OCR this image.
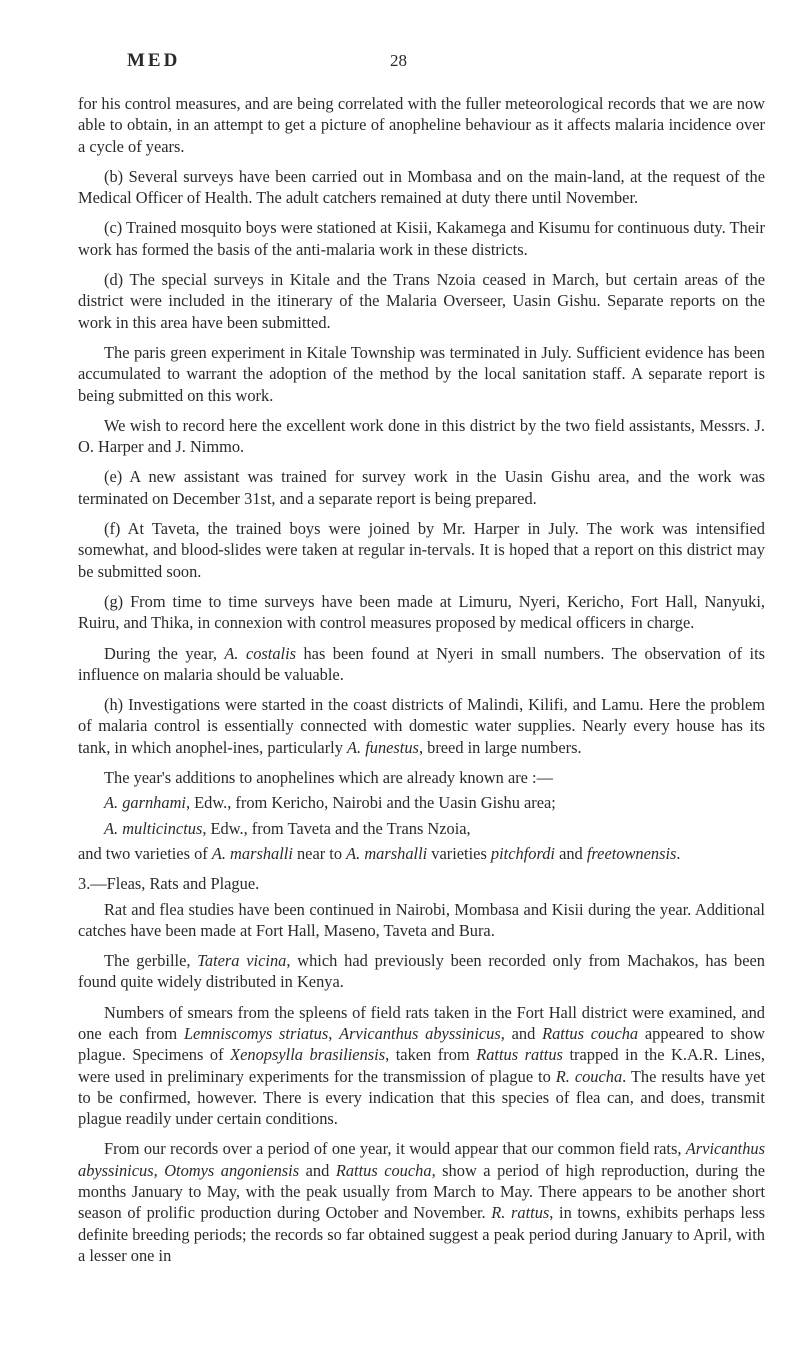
MED	28

for his control measures, and are being correlated with the fuller meteorological records that we are now able to obtain, in an attempt to get a picture of anopheline behaviour as it affects malaria incidence over a cycle of years.

(b) Several surveys have been carried out in Mombasa and on the main-land, at the request of the Medical Officer of Health. The adult catchers remained at duty there until November.

(c) Trained mosquito boys were stationed at Kisii, Kakamega and Kisumu for continuous duty. Their work has formed the basis of the anti-malaria work in these districts.

(d) The special surveys in Kitale and the Trans Nzoia ceased in March, but certain areas of the district were included in the itinerary of the Malaria Overseer, Uasin Gishu. Separate reports on the work in this area have been submitted.

The paris green experiment in Kitale Township was terminated in July. Sufficient evidence has been accumulated to warrant the adoption of the method by the local sanitation staff. A separate report is being submitted on this work.

We wish to record here the excellent work done in this district by the two field assistants, Messrs. J. O. Harper and J. Nimmo.

(e) A new assistant was trained for survey work in the Uasin Gishu area, and the work was terminated on December 31st, and a separate report is being prepared.

(f) At Taveta, the trained boys were joined by Mr. Harper in July. The work was intensified somewhat, and blood-slides were taken at regular in-tervals. It is hoped that a report on this district may be submitted soon.

(g) From time to time surveys have been made at Limuru, Nyeri, Kericho, Fort Hall, Nanyuki, Ruiru, and Thika, in connexion with control measures proposed by medical officers in charge.

During the year, A. costalis has been found at Nyeri in small numbers. The observation of its influence on malaria should be valuable.

(h) Investigations were started in the coast districts of Malindi, Kilifi, and Lamu. Here the problem of malaria control is essentially connected with domestic water supplies. Nearly every house has its tank, in which anophel-ines, particularly A. funestus, breed in large numbers.

The year's additions to anophelines which are already known are :—

A. garnhami, Edw., from Kericho, Nairobi and the Uasin Gishu area;

A. multicinctus, Edw., from Taveta and the Trans Nzoia,

and two varieties of A. marshalli near to A. marshalli varieties pitchfordi and freetownensis.

3.—Fleas, Rats and Plague.

Rat and flea studies have been continued in Nairobi, Mombasa and Kisii during the year. Additional catches have been made at Fort Hall, Maseno, Taveta and Bura.

The gerbille, Tatera vicina, which had previously been recorded only from Machakos, has been found quite widely distributed in Kenya.

Numbers of smears from the spleens of field rats taken in the Fort Hall district were examined, and one each from Lemniscomys striatus, Arvicanthus abyssinicus, and Rattus coucha appeared to show plague. Specimens of Xenopsylla brasiliensis, taken from Rattus rattus trapped in the K.A.R. Lines, were used in preliminary experiments for the transmission of plague to R. coucha. The results have yet to be confirmed, however. There is every indication that this species of flea can, and does, transmit plague readily under certain conditions.

From our records over a period of one year, it would appear that our common field rats, Arvicanthus abyssinicus, Otomys angoniensis and Rattus coucha, show a period of high reproduction, during the months January to May, with the peak usually from March to May. There appears to be another short season of prolific production during October and November. R. rattus, in towns, exhibits perhaps less definite breeding periods; the records so far obtained suggest a peak period during January to April, with a lesser one in
